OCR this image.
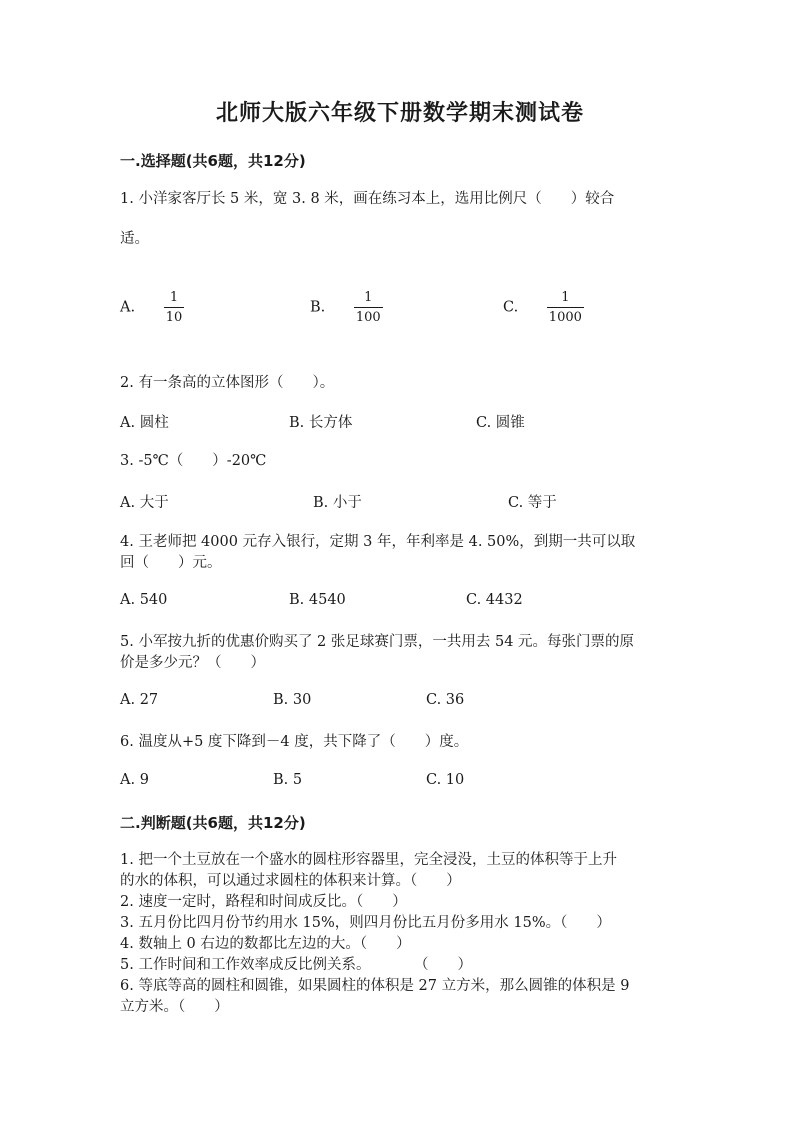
北师大版六年级下册数学期末测试卷
一.选择题(共6题，共12分)
1. 小洋家客厅长 5 米，宽 3. 8 米，画在练习本上，选用比例尺（　　）较合
适。
A. $\frac{1}{10}$	B. $\frac{1}{100}$	C. $\frac{1}{1000}$
2. 有一条高的立体图形（　　）。
A. 圆柱	B. 长方体	C. 圆锥
3. -5℃（　　）-20℃
A. 大于	B. 小于	C. 等于
4. 王老师把 4000 元存入银行，定期 3 年，年利率是 4. 50%，到期一共可以取
回（　　）元。
A. 540	B. 4540	C. 4432
5. 小军按九折的优惠价购买了 2 张足球赛门票，一共用去 54 元。每张门票的原
价是多少元？（　　）
A. 27	B. 30	C. 36
6. 温度从+5 度下降到－4 度，共下降了（　　）度。
A. 9	B. 5	C. 10
二.判断题(共6题，共12分)
1. 把一个土豆放在一个盛水的圆柱形容器里，完全浸没，土豆的体积等于上升
的水的体积，可以通过求圆柱的体积来计算。（　　）
2. 速度一定时，路程和时间成反比。（　　）
3. 五月份比四月份节约用水 15%，则四月份比五月份多用水 15%。（　　）
4. 数轴上 0 右边的数都比左边的大。（　　）
5. 工作时间和工作效率成反比例关系。　　　　（　　）
6. 等底等高的圆柱和圆锥，如果圆柱的体积是 27 立方米，那么圆锥的体积是 9
立方米。（　　）
